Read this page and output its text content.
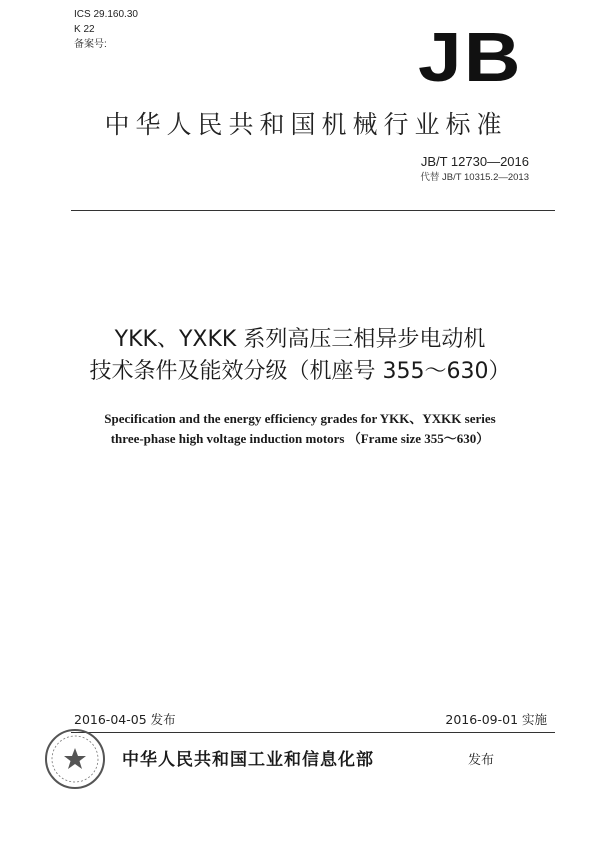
ICS 29.160.30
K 22
备案号:	JB
中华人民共和国机械行业标准
JB/T 12730—2016
代替 JB/T 10315.2—2013
YKK、YXKK 系列高压三相异步电动机
技术条件及能效分级（机座号 355～630）
Specification and the energy efficiency grades for YKK、YXKK series
three-phase high voltage induction motors （Frame size 355～630）
2016-04-05 发布	2016-09-01 实施
中华人民共和国工业和信息化部	发布
